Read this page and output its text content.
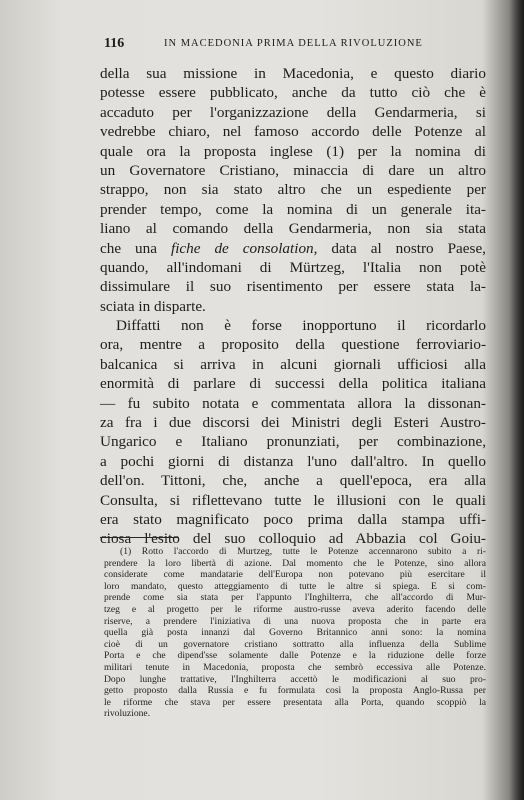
116	IN MACEDONIA PRIMA DELLA RIVOLUZIONE
della sua missione in Macedonia, e questo diario
potesse essere pubblicato, anche da tutto ciò che è
accaduto per l'organizzazione della Gendarmeria, si
vedrebbe chiaro, nel famoso accordo delle Potenze al
quale ora la proposta inglese (1) per la nomina di
un Governatore Cristiano, minaccia di dare un altro
strappo, non sia stato altro che un espediente per
prender tempo, come la nomina di un generale ita-
liano al comando della Gendarmeria, non sia stata
che una fiche de consolation, data al nostro Paese,
quando, all'indomani di Mürtzeg, l'Italia non potè
dissimulare il suo risentimento per essere stata la-
sciata in disparte.
Diffatti non è forse inopportuno il ricordarlo
ora, mentre a proposito della questione ferroviario-
balcanica si arriva in alcuni giornali ufficiosi alla
enormità di parlare di successi della politica italiana
— fu subito notata e commentata allora la dissonan-
za fra i due discorsi dei Ministri degli Esteri Austro-
Ungarico e Italiano pronunziati, per combinazione,
a pochi giorni di distanza l'uno dall'altro. In quello
dell'on. Tittoni, che, anche a quell'epoca, era alla
Consulta, si riflettevano tutte le illusioni con le quali
era stato magnificato poco prima dalla stampa uffi-
ciosa l'esito del suo colloquio ad Abbazia col Goiu-
(1) Rotto l'accordo di Murtzeg, tutte le Potenze accennarono subito a ri-
prendere la loro libertà di azione. Dal momento che le Potenze, sino allora
considerate come mandatarie dell'Europa non potevano più esercitare il
loro mandato, questo atteggiamento di tutte le altre si spiega. E si com-
prende come sia stata per l'appunto l'Inghilterra, che all'accordo di Mur-
tzeg e al progetto per le riforme austro-russe aveva aderito facendo delle
riserve, a prendere l'iniziativa di una nuova proposta che in parte era
quella già posta innanzi dal Governo Britannico anni sono: la nomina
cioè di un governatore cristiano sottratto alla influenza della Sublime
Porta e che dipend'sse solamente dalle Potenze e la riduzione delle forze
militari tenute in Macedonia, proposta che sembrò eccessiva alle Potenze.
Dopo lunghe trattative, l'Inghilterra accettò le modificazioni al suo pro-
getto proposto dalla Russia e fu formulata così la proposta Anglo-Russa per
le riforme che stava per essere presentata alla Porta, quando scoppiò la
rivoluzione.
